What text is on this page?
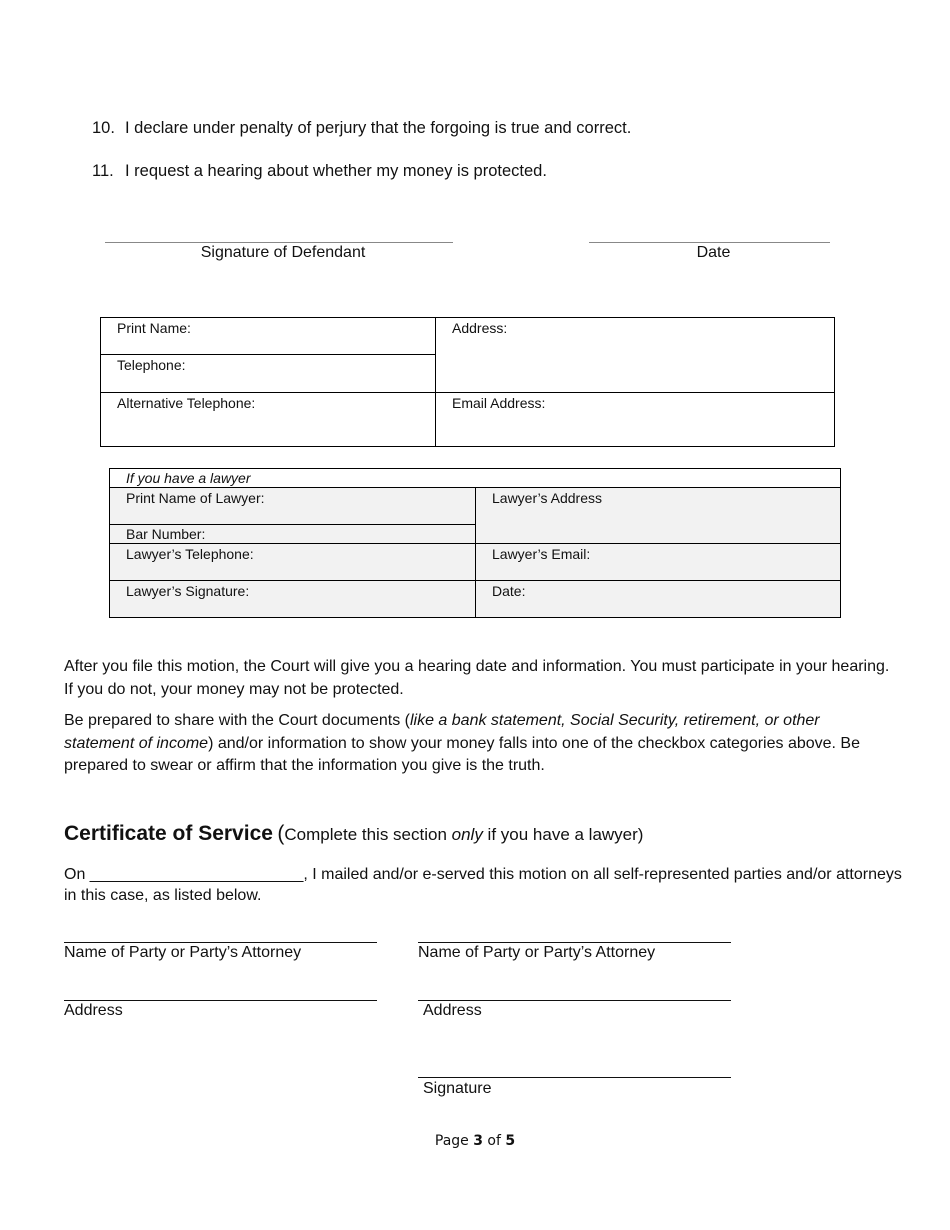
10. I declare under penalty of perjury that the forgoing is true and correct.
11. I request a hearing about whether my money is protected.
Signature of Defendant	Date
Print Name:	Address:
Telephone:	
Alternative Telephone:	Email Address:
If you have a lawyer	
Print Name of Lawyer:	Lawyer’s Address
Bar Number:	
Lawyer’s Telephone:	Lawyer’s Email:
Lawyer’s Signature:	Date:
After you file this motion, the Court will give you a hearing date and information. You must participate in your hearing. If you do not, your money may not be protected.
Be prepared to share with the Court documents (like a bank statement, Social Security, retirement, or other statement of income) and/or information to show your money falls into one of the checkbox categories above. Be prepared to swear or affirm that the information you give is the truth.
Certificate of Service (Complete this section only if you have a lawyer)
On ________________________, I mailed and/or e-served this motion on all self-represented parties and/or attorneys in this case, as listed below.
Name of Party or Party’s Attorney	Name of Party or Party’s Attorney
Address	Address
Signature
Page 3 of 5
